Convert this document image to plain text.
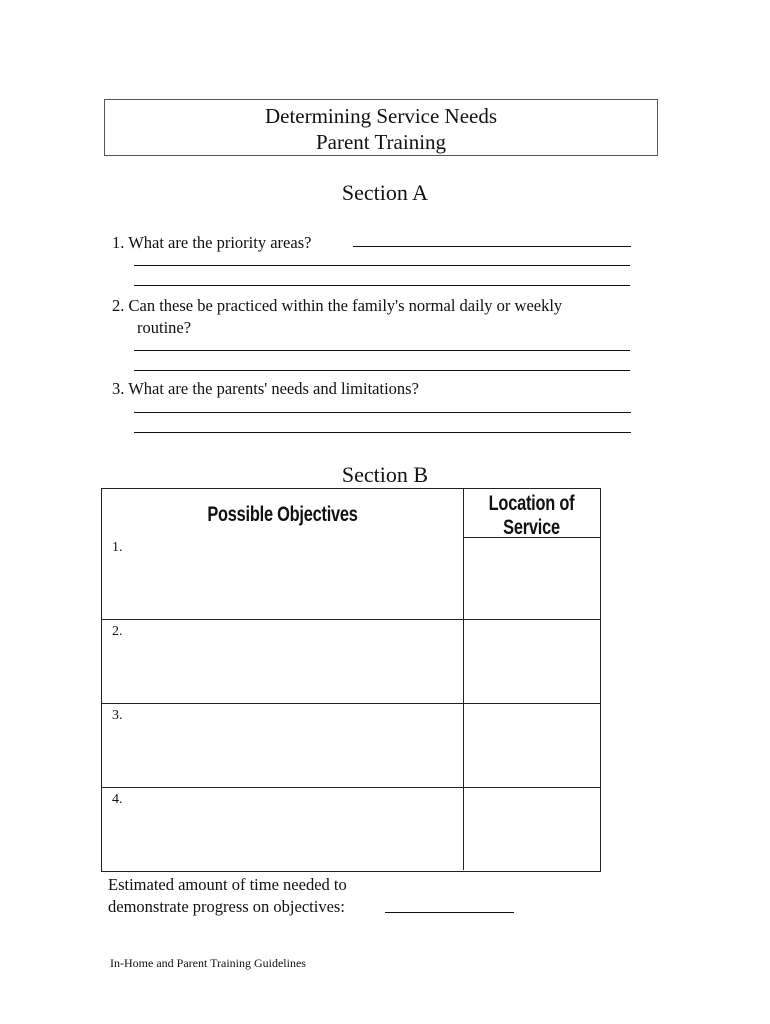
Determining Service Needs
Parent Training
Section A
1. What are the priority areas?
2. Can these be practiced within the family's normal daily or weekly
routine?
3. What are the parents' needs and limitations?
Section B
Possible Objectives	Location of
Service
1.
2.
3.
4.
Estimated amount of time needed to
demonstrate progress on objectives:
In-Home and Parent Training Guidelines
